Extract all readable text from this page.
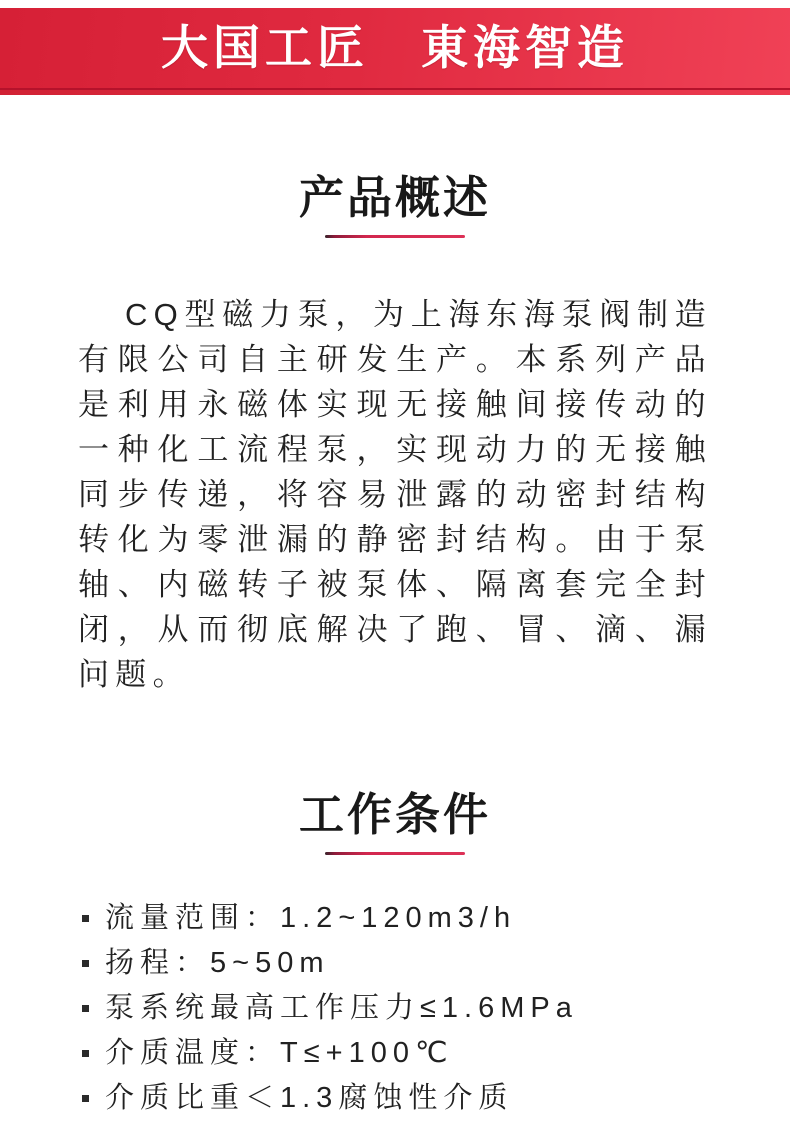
大国工匠　東海智造
产品概述

CQ型磁力泵，为上海东海泵阀制造有限公司自主研发生产。本系列产品是利用永磁体实现无接触间接传动的一种化工流程泵，实现动力的无接触同步传递，将容易泄露的动密封结构转化为零泄漏的静密封结构。由于泵轴、内磁转子被泵体、隔离套完全封闭，从而彻底解决了跑、冒、滴、漏问题。

工作条件
流量范围：1.2~120m3/h
扬程：5~50m
泵系统最高工作压力≤1.6MPa
介质温度：T≤+100℃
介质比重＜1.3腐蚀性介质
